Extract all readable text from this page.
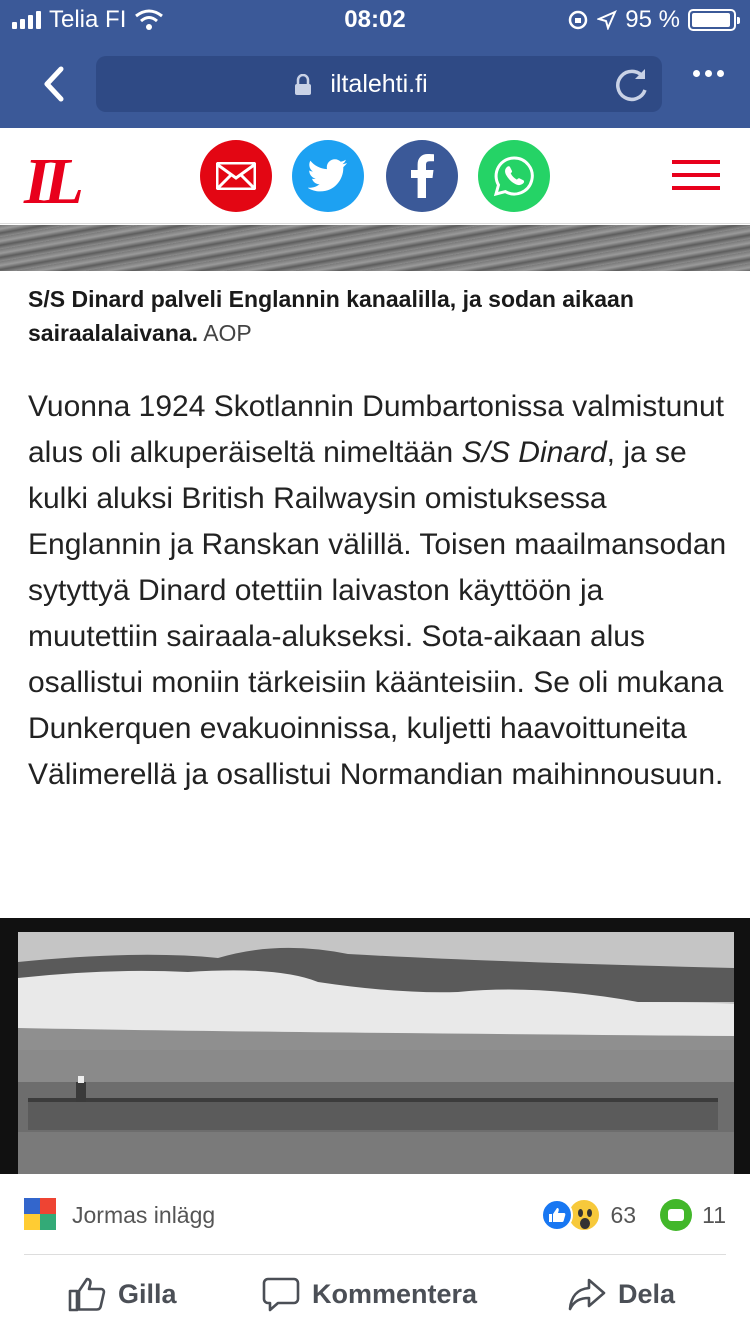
Telia FI	08:02	95 %
iltalehti.fi
IL
S/S Dinard palveli Englannin kanaalilla, ja sodan aikaan sairaalalaivana. AOP

Vuonna 1924 Skotlannin Dumbartonissa valmistunut alus oli alkuperäiseltä nimeltään S/S Dinard, ja se kulki aluksi British Railwaysin omistuksessa Englannin ja Ranskan välillä. Toisen maailmansodan sytyttyä Dinard otettiin laivaston käyttöön ja muutettiin sairaala-alukseksi. Sota-aikaan alus osallistui moniin tärkeisiin käänteisiin. Se oli mukana Dunkerquen evakuoinnissa, kuljetti haavoittuneita Välimerellä ja osallistui Normandian maihinnousuun.

Jormas inlägg	63	11
Gilla	Kommentera	Dela
